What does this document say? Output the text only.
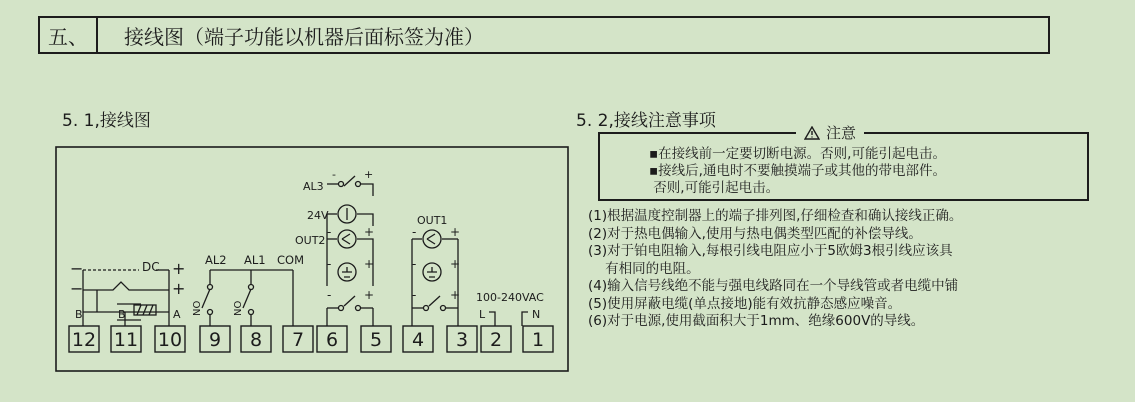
五、	接线图（端子功能以机器后面标签为准）
5. 1,接线图	5. 2,接线注意事项
−	+
−	+
DC
B	B	A
AL2 AL1 COM
NO	NO
AL3
-	+
24V
OUT2
-	+
-	+
-	+
OUT1
-	+
-	+
-	+ 100-240VAC
L	N
12 11 10 9 8 7 6 5 4 3 2 1
注意
▪在接线前一定要切断电源。否则,可能引起电击。
▪接线后,通电时不要触摸端子或其他的带电部件。
否则,可能引起电击。
(1)根据温度控制器上的端子排列图,仔细检查和确认接线正确。
(2)对于热电偶输入,使用与热电偶类型匹配的补偿导线。
(3)对于铂电阻输入,每根引线电阻应小于5欧姆3根引线应该具
有相同的电阻。
(4)输入信号线绝不能与强电线路同在一个导线管或者电缆中铺
(5)使用屏蔽电缆(单点接地)能有效抗静态感应噪音。
(6)对于电源,使用截面积大于1mm、绝缘600V的导线。
